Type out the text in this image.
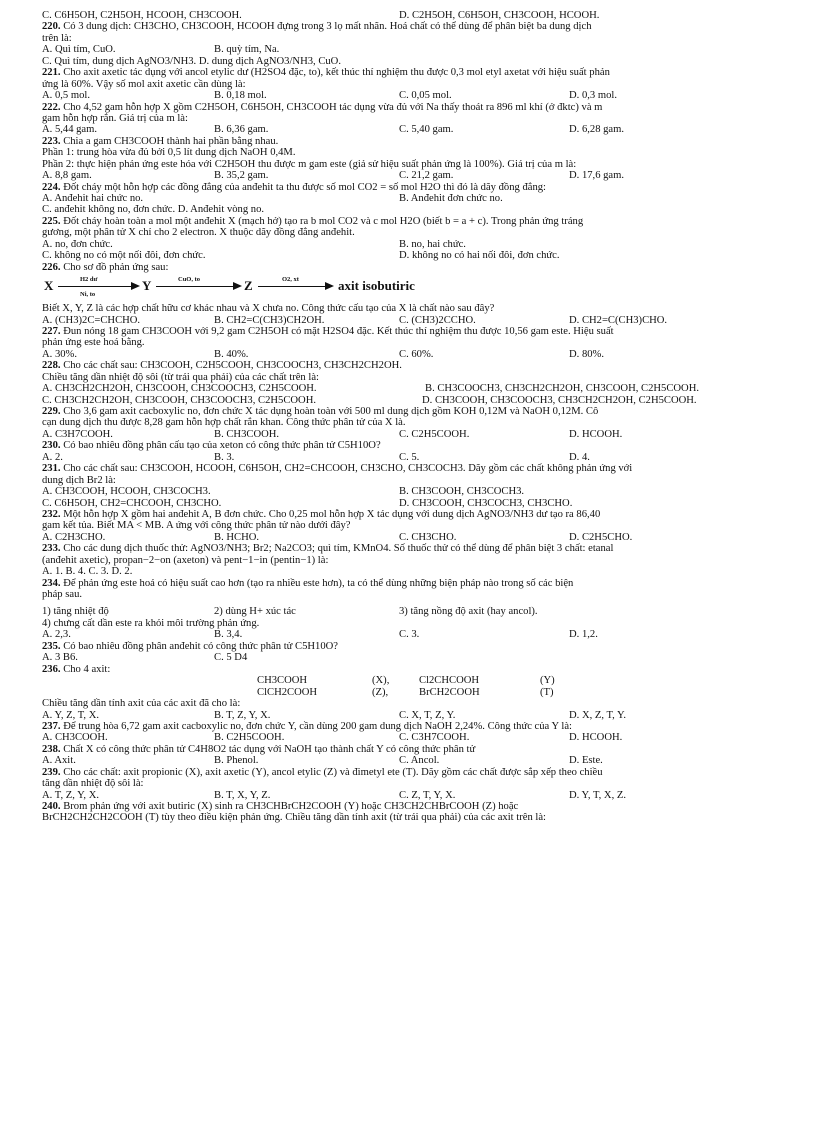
C. C6H5OH, C2H5OH, HCOOH, CH3COOH.	D. C2H5OH, C6H5OH, CH3COOH, HCOOH.
220. Có 3 dung dịch: CH3CHO, CH3COOH, HCOOH đựng trong 3 lọ mất nhãn. Hoá chất có thể dùng để phân biệt ba dung dịch
trên là:
A. Quì tím, CuO.	B. quỳ tím, Na.
C. Quì tím, dung dịch AgNO3/NH3. D. dung dịch AgNO3/NH3, CuO.
221. Cho axit axetic tác dụng với ancol etylic dư (H2SO4 đặc, to), kết thúc thí nghiệm thu được 0,3 mol etyl axetat với hiệu suất phản
ứng là 60%. Vậy số mol axit axetic cần dùng là:
A. 0,5 mol.	B. 0,18 mol.	C. 0,05 mol.	D. 0,3 mol.
222. Cho 4,52 gam hỗn hợp X gồm C2H5OH, C6H5OH, CH3COOH tác dụng vừa đủ với Na thấy thoát ra 896 ml khí (ở đktc) và m
gam hỗn hợp rắn. Giá trị của m là:
A. 5,44 gam.	B. 6,36 gam.	C. 5,40 gam.	D. 6,28 gam.
223. Chia a gam CH3COOH thành hai phần bằng nhau.
Phần 1: trung hòa vừa đủ bởi 0,5 lít dung dịch NaOH 0,4M.
Phần 2: thực hiện phản ứng este hóa với C2H5OH thu được m gam este (giả sử hiệu suất phản ứng là 100%). Giá trị của m là:
A. 8,8 gam.	B. 35,2 gam.	C. 21,2 gam.	D. 17,6 gam.
224. Đốt cháy một hỗn hợp các đồng đẳng của anđehit ta thu được số mol CO2 = số mol H2O thì đó là dãy đồng đẳng:
A. Anđehit hai chức no.	B. Anđehit đơn chức no.
C. anđehit không no, đơn chức. D. Anđehit vòng no.
225. Đốt cháy hoàn toàn a mol một anđehit X (mạch hở) tạo ra b mol CO2 và c mol H2O (biết b = a + c). Trong phản ứng tráng
gương, một phân tử X chỉ cho 2 electron. X thuộc dãy đồng đẳng anđehit.
A. no, đơn chức.	B. no, hai chức.
C. không no có một nối đôi, đơn chức.	D. không no có hai nối đôi, đơn chức.
226. Cho sơ đồ phản ứng sau:
X	H2 dư
Ni, to
Y	CuO, to	Z	O2, xt	axit isobutiric
Biết X, Y, Z là các hợp chất hữu cơ khác nhau và X chưa no. Công thức cấu tạo của X là chất nào sau đây?
A. (CH3)2C=CHCHO.	B. CH2=C(CH3)CH2OH.	C. (CH3)2CCHO.	D. CH2=C(CH3)CHO.
227. Đun nóng 18 gam CH3COOH với 9,2 gam C2H5OH có mặt H2SO4 đặc. Kết thúc thí nghiệm thu được 10,56 gam este. Hiệu suất
phản ứng este hoá bằng.
A. 30%.	B. 40%.	C. 60%.	D. 80%.
228. Cho các chất sau: CH3COOH, C2H5COOH, CH3COOCH3, CH3CH2CH2OH.
Chiều tăng dần nhiệt độ sôi (từ trái qua phải) của các chất trên là:
A. CH3CH2CH2OH, CH3COOH, CH3COOCH3, C2H5COOH.	B. CH3COOCH3, CH3CH2CH2OH, CH3COOH, C2H5COOH.
C. CH3CH2CH2OH, CH3COOH, CH3COOCH3, C2H5COOH.	D. CH3COOH, CH3COOCH3, CH3CH2CH2OH, C2H5COOH.
229. Cho 3,6 gam axit cacboxylic no, đơn chức X tác dụng hoàn toàn với 500 ml dung dịch gồm KOH 0,12M và NaOH 0,12M. Cô
cạn dung dịch thu được 8,28 gam hỗn hợp chất rắn khan. Công thức phân tử của X là.
A. C3H7COOH.	B. CH3COOH.	C. C2H5COOH.	D. HCOOH.
230. Có bao nhiêu đồng phân cấu tạo của xeton có công thức phân tử C5H10O?
A. 2.	B. 3.	C. 5.	D. 4.
231. Cho các chất sau: CH3COOH, HCOOH, C6H5OH, CH2=CHCOOH, CH3CHO, CH3COCH3. Dãy gồm các chất không phản ứng với
dung dịch Br2 là:
A. CH3COOH, HCOOH, CH3COCH3.	B. CH3COOH, CH3COCH3.
C. C6H5OH, CH2=CHCOOH, CH3CHO.	D. CH3COOH, CH3COCH3, CH3CHO.
232. Một hỗn hợp X gồm hai anđehit A, B đơn chức. Cho 0,25 mol hỗn hợp X tác dụng với dung dịch AgNO3/NH3 dư tạo ra 86,40
gam kết tủa. Biết MA < MB. A ứng với công thức phân tử nào dưới đây?
A. C2H3CHO.	B. HCHO.	C. CH3CHO.	D. C2H5CHO.
233. Cho các dung dịch thuốc thử: AgNO3/NH3; Br2; Na2CO3; quì tím, KMnO4. Số thuốc thử có thể dùng để phân biệt 3 chất: etanal
(anđehit axetic), propan−2−on (axeton) và pent−1−in (pentin−1) là:
A. 1. B. 4. C. 3. D. 2.
234. Để phản ứng este hoá có hiệu suất cao hơn (tạo ra nhiều este hơn), ta có thể dùng những biện pháp nào trong số các biện
pháp sau.
1) tăng nhiệt độ	2) dùng H+ xúc tác	3) tăng nồng độ axit (hay ancol).
4) chưng cất dần este ra khỏi môi trường phản ứng.
A. 2,3.	B. 3,4.	C. 3.	D. 1,2.
235. Có bao nhiêu đồng phân anđehit có công thức phân tử C5H10O?
A. 3 B6.	C. 5 D4
236. Cho 4 axit:
CH3COOH	(X),	Cl2CHCOOH	(Y)
ClCH2COOH	(Z),	BrCH2COOH	(T)
Chiều tăng dần tính axit của các axit đã cho là:
A. Y, Z, T, X.	B. T, Z, Y, X.	C. X, T, Z, Y.	D. X, Z, T, Y.
237. Để trung hòa 6,72 gam axit cacboxylic no, đơn chức Y, cần dùng 200 gam dung dịch NaOH 2,24%. Công thức của Y là:
A. CH3COOH.	B. C2H5COOH.	C. C3H7COOH.	D. HCOOH.
238. Chất X có công thức phân tử C4H8O2 tác dụng với NaOH tạo thành chất Y có công thức phân tử
A. Axit.	B. Phenol.	C. Ancol.	D. Este.
239. Cho các chất: axit propionic (X), axit axetic (Y), ancol etylic (Z) và đimetyl ete (T). Dãy gồm các chất được sắp xếp theo chiều
tăng dần nhiệt độ sôi là:
A. T, Z, Y, X.	B. T, X, Y, Z.	C. Z, T, Y, X.	D. Y, T, X, Z.
240. Brom phản ứng với axit butiric (X) sinh ra CH3CHBrCH2COOH (Y) hoặc CH3CH2CHBrCOOH (Z) hoặc
BrCH2CH2CH2COOH (T) tùy theo điều kiện phản ứng. Chiều tăng dần tính axit (từ trái qua phải) của các axit trên là:
